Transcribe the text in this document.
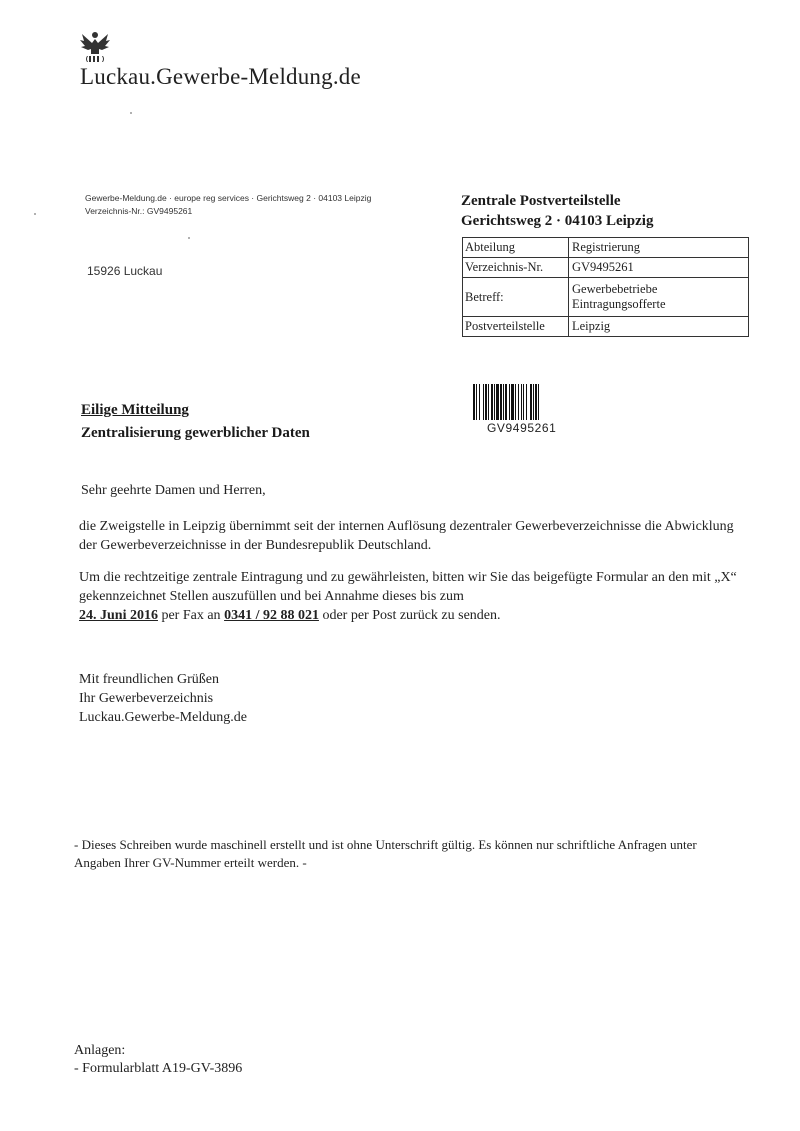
Luckau.Gewerbe-Meldung.de
Gewerbe-Meldung.de · europe reg services · Gerichtsweg 2 · 04103 Leipzig
Verzeichnis-Nr.: GV9495261
15926 Luckau
Zentrale Postverteilstelle
Gerichtsweg 2 · 04103 Leipzig
Abteilung	Registrierung
Verzeichnis-Nr.	GV9495261
Betreff:	Gewerbebetriebe Eintragungsofferte
Postverteilstelle	Leipzig
GV9495261
Eilige Mitteilung
Zentralisierung gewerblicher Daten
Sehr geehrte Damen und Herren,
die Zweigstelle in Leipzig übernimmt seit der internen Auflösung dezentraler Gewerbeverzeichnisse die Abwicklung der Gewerbeverzeichnisse in der Bundesrepublik Deutschland.
Um die rechtzeitige zentrale Eintragung und zu gewährleisten, bitten wir Sie das beigefügte Formular an den mit „X“ gekennzeichnet Stellen auszufüllen und bei Annahme dieses bis zum
24. Juni 2016 per Fax an 0341 / 92 88 021 oder per Post zurück zu senden.
Mit freundlichen Grüßen
Ihr Gewerbeverzeichnis
Luckau.Gewerbe-Meldung.de
- Dieses Schreiben wurde maschinell erstellt und ist ohne Unterschrift gültig. Es können nur schriftliche Anfragen unter Angaben Ihrer GV-Nummer erteilt werden. -
Anlagen:
- Formularblatt A19-GV-3896
